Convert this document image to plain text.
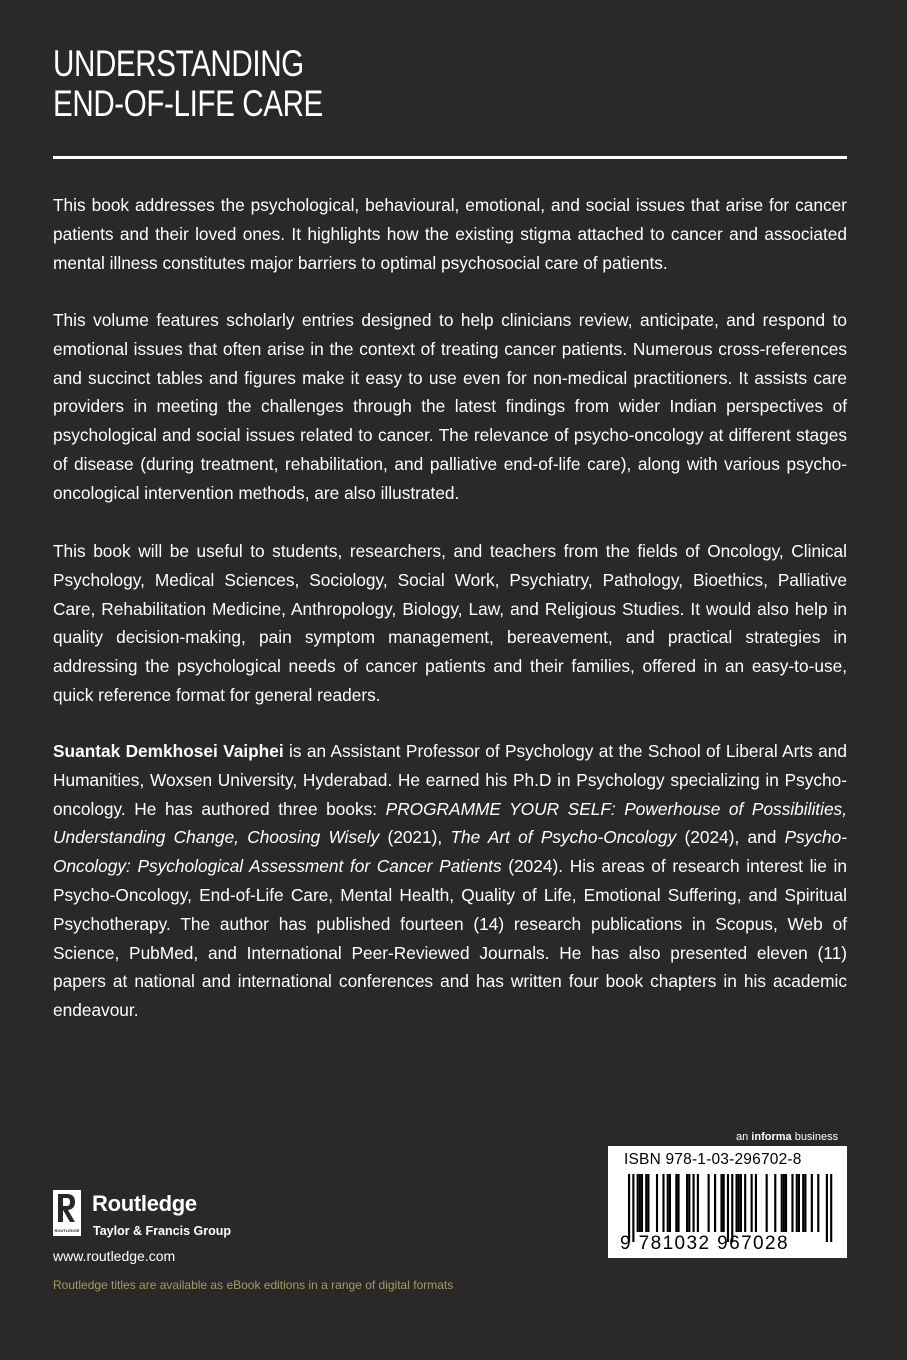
UNDERSTANDING
END-OF-LIFE CARE

This book addresses the psychological, behavioural, emotional, and social issues that arise for cancer patients and their loved ones. It highlights how the existing stigma attached to cancer and associated mental illness constitutes major barriers to optimal psychosocial care of patients.

This volume features scholarly entries designed to help clinicians review, anticipate, and respond to emotional issues that often arise in the context of treating cancer patients. Numerous cross-references and succinct tables and figures make it easy to use even for non-medical practitioners. It assists care providers in meeting the challenges through the latest findings from wider Indian perspectives of psychological and social issues related to cancer. The relevance of psycho-oncology at different stages of disease (during treatment, rehabilitation, and palliative end-of-life care), along with various psycho-oncological intervention methods, are also illustrated.

This book will be useful to students, researchers, and teachers from the fields of Oncology, Clinical Psychology, Medical Sciences, Sociology, Social Work, Psychiatry, Pathology, Bioethics, Palliative Care, Rehabilitation Medicine, Anthropology, Biology, Law, and Religious Studies. It would also help in quality decision-making, pain symptom management, bereavement, and practical strategies in addressing the psychological needs of cancer patients and their families, offered in an easy-to-use, quick reference format for general readers.

Suantak Demkhosei Vaiphei is an Assistant Professor of Psychology at the School of Liberal Arts and Humanities, Woxsen University, Hyderabad. He earned his Ph.D in Psychology specializing in Psycho-oncology. He has authored three books: PROGRAMME YOUR SELF: Powerhouse of Possibilities, Understanding Change, Choosing Wisely (2021), The Art of Psycho-Oncology (2024), and Psycho-Oncology: Psychological Assessment for Cancer Patients (2024). His areas of research interest lie in Psycho-Oncology, End-of-Life Care, Mental Health, Quality of Life, Emotional Suffering, and Spiritual Psychotherapy. The author has published fourteen (14) research publications in Scopus, Web of Science, PubMed, and International Peer-Reviewed Journals. He has also presented eleven (11) papers at national and international conferences and has written four book chapters in his academic endeavour.

ROUTLEDGE
Routledge
Taylor & Francis Group
www.routledge.com
Routledge titles are available as eBook editions in a range of digital formats
an informa business
ISBN 978-1-03-296702-8
9 781032 967028
